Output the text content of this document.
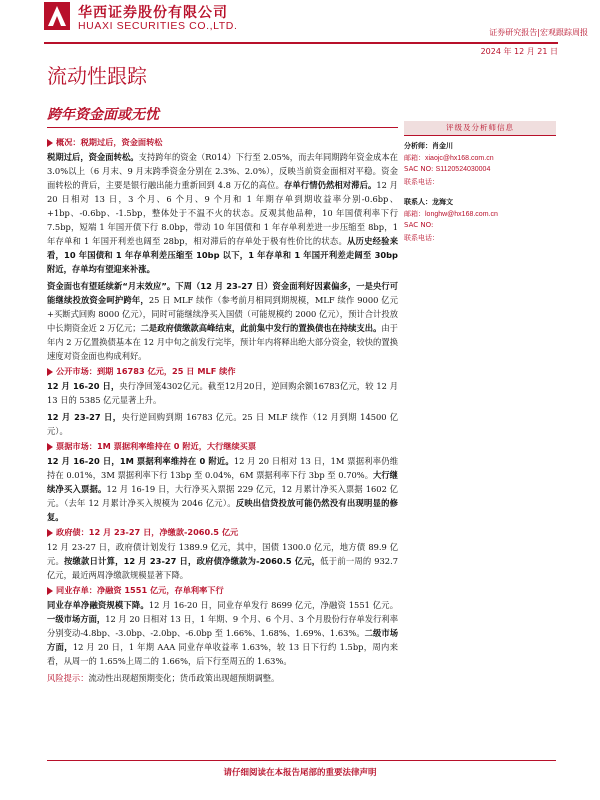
华西证券股份有限公司
HUAXI SECURITIES CO.,LTD.
证券研究报告|宏观跟踪周报
2024 年 12 月 21 日
流动性跟踪
跨年资金面或无忧
评级及分析师信息
分析师：肖金川
邮箱：xiaojc@hx168.com.cn
SAC NO: S1120524030004
联系电话：
联系人：龙海文
邮箱：longhw@hx168.com.cn
SAC NO:
联系电话：
概况：税期过后，资金面转松

税期过后，资金面转松。支持跨年的资金（R014）下行至 2.05%，而去年同期跨年资金成本在 3.0%以上（6 月末、9 月末跨季资金分别在 2.3%、2.0%），反映当前资金面相对平稳。资金面转松的背后，主要是银行融出能力重新回到 4.8 万亿的高位。存单行情仍然相对滞后。12 月 20 日相对 13 日，3 个月、6 个月、9 个月和 1 年期存单到期收益率分别-0.6bp、+1bp、-0.6bp、-1.5bp，整体处于不温不火的状态。反观其他品种，10 年国债利率下行 7.5bp，短端 1 年国开债下行 8.0bp，带动 10 年国债和 1 年存单利差进一步压缩至 8bp，1 年存单和 1 年国开利差也阔至 28bp，相对滞后的存单处于极有性价比的状态。从历史经验来看，10 年国债和 1 年存单利差压缩至 10bp 以下，1 年存单和 1 年国开利差走阔至 30bp 附近，存单均有望迎来补涨。

资金面也有望延续新“月末效应”。下周（12 月 23-27 日）资金面利好因素偏多，一是央行可能继续投放资金呵护跨年，25 日 MLF 续作（参考前月相同到期规模，MLF 续作 9000 亿元+买断式回购 8000 亿元），同时可能继续净买入国债（可能规模约 2000 亿元），预计合计投放中长期资金近 2 万亿元；二是政府债缴款高峰结束，此前集中发行的置换债也在持续支出。由于年内 2 万亿置换债基本在 12 月中旬之前发行完毕，预计年内将释出绝大部分资金，较快的置换速度对资金面也构成利好。

公开市场：到期 16783 亿元，25 日 MLF 续作

12 月 16-20 日，央行净回笼4302亿元。截至12月20日，逆回购余额16783亿元，较 12 月 13 日的 5385 亿元显著上升。

12 月 23-27 日，央行逆回购到期 16783 亿元。25 日 MLF 续作（12 月到期 14500 亿元）。

票据市场：1M 票据利率维持在 0 附近，大行继续买票

12 月 16-20 日，1M 票据利率维持在 0 附近。12 月 20 日相对 13 日，1M 票据利率仍维持在 0.01%，3M 票据利率下行 13bp 至 0.04%，6M 票据利率下行 3bp 至 0.70%。大行继续净买入票据。12 月 16-19 日，大行净买入票据 229 亿元，12 月累计净买入票据 1602 亿元。（去年 12 月累计净买入规模为 2046 亿元）。反映出信贷投放可能仍然没有出现明显的修复。

政府债：12 月 23-27 日，净缴款-2060.5 亿元

12 月 23-27 日，政府债计划发行 1389.9 亿元，其中，国债 1300.0 亿元，地方债 89.9 亿元。按缴款日计算，12 月 23-27 日，政府债净缴款为-2060.5 亿元，低于前一周的 932.7 亿元，最近两周净缴款规模显著下降。

同业存单：净融资 1551 亿元，存单利率下行

同业存单净融资规模下降。12 月 16-20 日，同业存单发行 8699 亿元，净融资 1551 亿元。一级市场方面，12 月 20 日相对 13 日，1 年期、9 个月、6 个月、3 个月股份行存单发行利率分别变动-4.8bp、-3.0bp、-2.0bp、-6.0bp 至 1.66%、1.68%、1.69%、1.63%。二级市场方面，12 月 20 日，1 年期 AAA 同业存单收益率 1.63%，较 13 日下行约 1.5bp，周内来看，从周一的 1.65%上周二的 1.66%，后下行至周五的 1.63%。

风险提示：流动性出现超预期变化；货币政策出现超预期调整。

请仔细阅读在本报告尾部的重要法律声明
